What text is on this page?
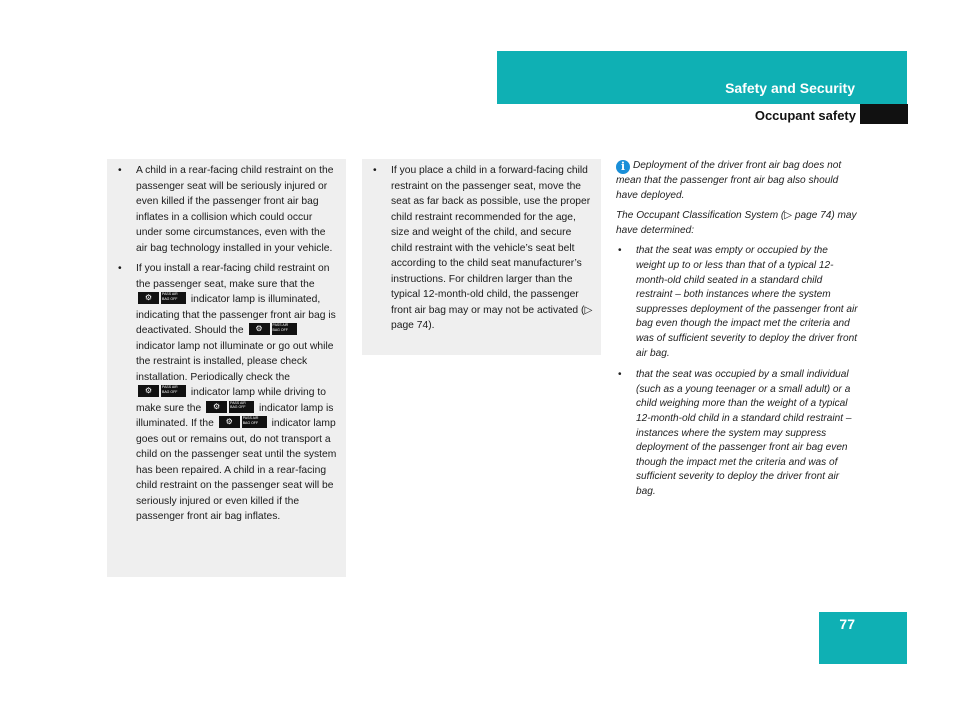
Safety and Security
Occupant safety
• A child in a rear-facing child restraint on the passenger seat will be seriously injured or even killed if the passenger front air bag inflates in a collision which could occur under some circumstances, even with the air bag technology installed in your vehicle.
• If you install a rear-facing child restraint on the passenger seat, make sure that the
⚙	PASS AIR BAG OFF	indicator lamp is illuminated, indicating that the passenger front air bag is deactivated. Should the	⚙	PASS AIR BAG OFF
indicator lamp not illuminate or go out while the restraint is installed, please check installation. Periodically check the
⚙	PASS AIR BAG OFF	indicator lamp while driving to make sure the	⚙	PASS AIR BAG OFF	indicator lamp is illuminated. If the	⚙	PASS AIR BAG OFF	indicator lamp goes out or remains out, do not transport a child on the passenger seat until the system has been repaired. A child in a rear-facing child restraint on the passenger seat will be seriously injured or even killed if the passenger front air bag inflates.
• If you place a child in a forward-facing child restraint on the passenger seat, move the seat as far back as possible, use the proper child restraint recommended for the age, size and weight of the child, and secure child restraint with the vehicle’s seat belt according to the child seat manufacturer’s instructions. For children larger than the typical 12-month-old child, the passenger front air bag may or may not be activated (▷ page 74).

i Deployment of the driver front air bag does not mean that the passenger front air bag also should have deployed.

The Occupant Classification System (▷ page 74) may have determined:

• that the seat was empty or occupied by the weight up to or less than that of a typical 12-month-old child seated in a standard child restraint – both instances where the system suppresses deployment of the passenger front air bag even though the impact met the criteria and was of sufficient severity to deploy the driver front air bag.
• that the seat was occupied by a small individual (such as a young teenager or a small adult) or a child weighing more than the weight of a typical 12-month-old child in a standard child restraint – instances where the system may suppress deployment of the passenger front air bag even though the impact met the criteria and was of sufficient severity to deploy the driver front air bag.
77
